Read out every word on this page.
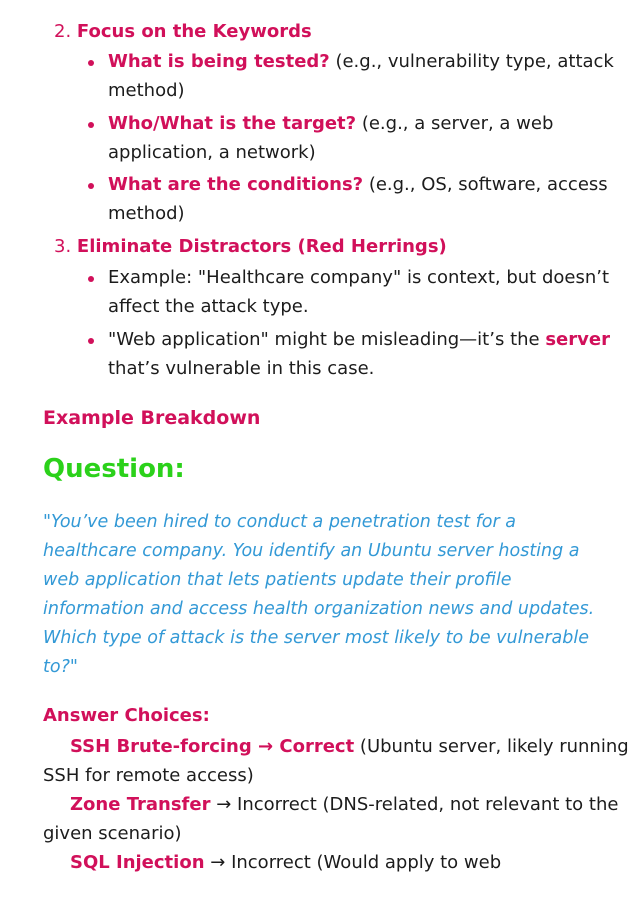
2. Focus on the Keywords
What is being tested? (e.g., vulnerability type, attack
method)
Who/What is the target? (e.g., a server, a web
application, a network)
What are the conditions? (e.g., OS, software, access
method)
3. Eliminate Distractors (Red Herrings)
Example: "Healthcare company" is context, but doesn’t
affect the attack type.
"Web application" might be misleading—it’s the server
that’s vulnerable in this case.
Example Breakdown
Question:
"You’ve been hired to conduct a penetration test for a
healthcare company. You identify an Ubuntu server hosting a
web application that lets patients update their profile
information and access health organization news and updates.
Which type of attack is the server most likely to be vulnerable
to?"
Answer Choices:
SSH Brute-forcing → Correct (Ubuntu server, likely running
SSH for remote access)
Zone Transfer → Incorrect (DNS-related, not relevant to the
given scenario)
SQL Injection → Incorrect (Would apply to web
